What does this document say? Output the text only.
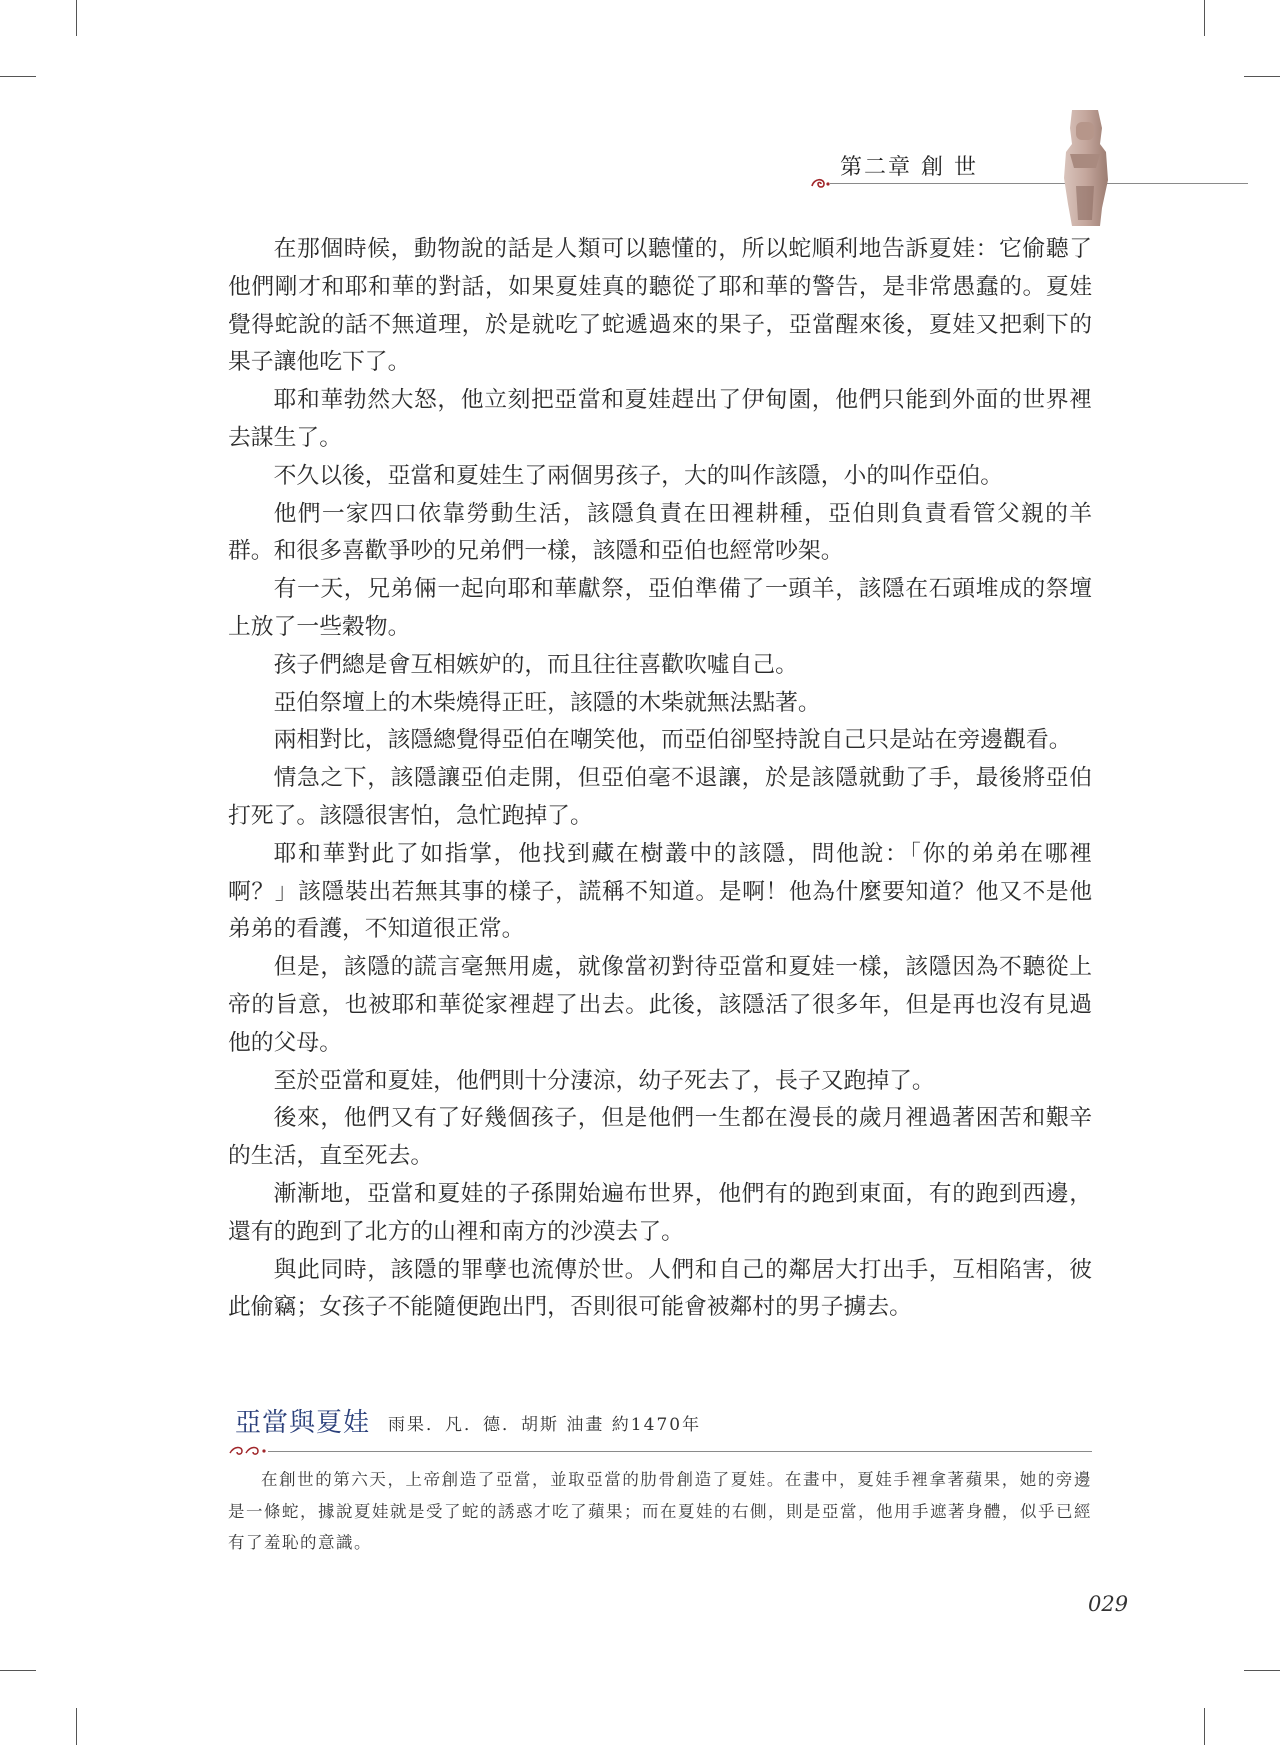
第二章 創 世

在那個時候，動物說的話是人類可以聽懂的，所以蛇順利地告訴夏娃：它偷聽了他們剛才和耶和華的對話，如果夏娃真的聽從了耶和華的警告，是非常愚蠢的。夏娃覺得蛇說的話不無道理，於是就吃了蛇遞過來的果子，亞當醒來後，夏娃又把剩下的果子讓他吃下了。

耶和華勃然大怒，他立刻把亞當和夏娃趕出了伊甸園，他們只能到外面的世界裡去謀生了。

不久以後，亞當和夏娃生了兩個男孩子，大的叫作該隱，小的叫作亞伯。

他們一家四口依靠勞動生活，該隱負責在田裡耕種，亞伯則負責看管父親的羊群。和很多喜歡爭吵的兄弟們一樣，該隱和亞伯也經常吵架。

有一天，兄弟倆一起向耶和華獻祭，亞伯準備了一頭羊，該隱在石頭堆成的祭壇上放了一些穀物。

孩子們總是會互相嫉妒的，而且往往喜歡吹噓自己。

亞伯祭壇上的木柴燒得正旺，該隱的木柴就無法點著。

兩相對比，該隱總覺得亞伯在嘲笑他，而亞伯卻堅持說自己只是站在旁邊觀看。

情急之下，該隱讓亞伯走開，但亞伯毫不退讓，於是該隱就動了手，最後將亞伯打死了。該隱很害怕，急忙跑掉了。

耶和華對此了如指掌，他找到藏在樹叢中的該隱，問他說：「你的弟弟在哪裡啊？」該隱裝出若無其事的樣子，謊稱不知道。是啊！他為什麼要知道？他又不是他弟弟的看護，不知道很正常。

但是，該隱的謊言毫無用處，就像當初對待亞當和夏娃一樣，該隱因為不聽從上帝的旨意，也被耶和華從家裡趕了出去。此後，該隱活了很多年，但是再也沒有見過他的父母。

至於亞當和夏娃，他們則十分淒涼，幼子死去了，長子又跑掉了。

後來，他們又有了好幾個孩子，但是他們一生都在漫長的歲月裡過著困苦和艱辛的生活，直至死去。

漸漸地，亞當和夏娃的子孫開始遍布世界，他們有的跑到東面，有的跑到西邊，還有的跑到了北方的山裡和南方的沙漠去了。

與此同時，該隱的罪孽也流傳於世。人們和自己的鄰居大打出手，互相陷害，彼此偷竊；女孩子不能隨便跑出門，否則很可能會被鄰村的男子擄去。

亞當與夏娃 雨果．凡．德．胡斯 油畫 約1470年

在創世的第六天，上帝創造了亞當，並取亞當的肋骨創造了夏娃。在畫中，夏娃手裡拿著蘋果，她的旁邊是一條蛇，據說夏娃就是受了蛇的誘惑才吃了蘋果；而在夏娃的右側，則是亞當，他用手遮著身體，似乎已經有了羞恥的意識。

029
